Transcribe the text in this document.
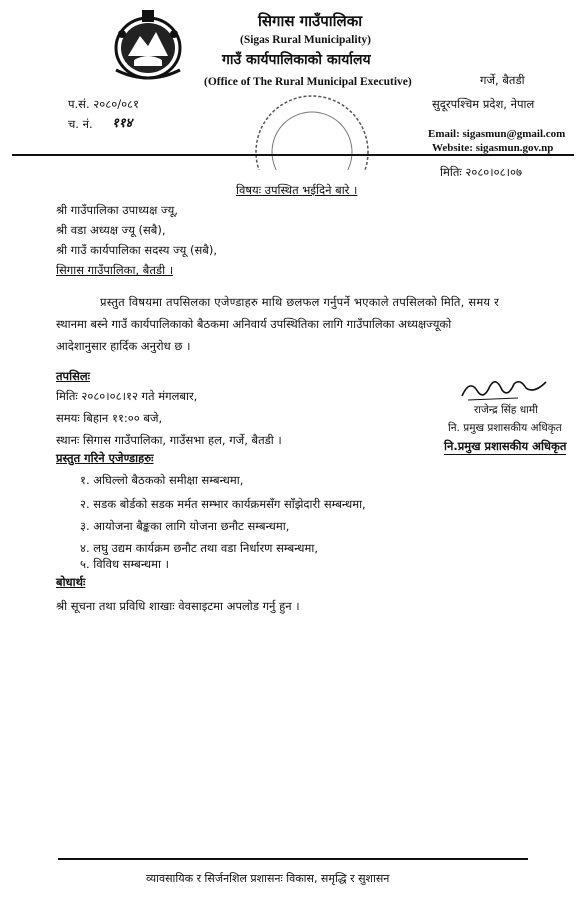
सिगास गाउँपालिका
(Sigas Rural Municipality)
गाउँ कार्यपालिकाको कार्यालय
(Office of The Rural Municipal Executive)	गर्जे, बैतडी
सुदूरपश्चिम प्रदेश, नेपाल
Email: sigasmun@gmail.com
Website: sigasmun.gov.np
प.सं. २०८०/०८१
च. नं. ११४
मितिः २०८०।०८।०७
विषयः उपस्थित भईदिने बारे ।
श्री गाउँपालिका उपाध्यक्ष ज्यू,
श्री वडा अध्यक्ष ज्यू (सबै),
श्री गाउँ कार्यपालिका सदस्य ज्यू (सबै),
सिगास गाउँपालिका, बैतडी ।
प्रस्तुत विषयमा तपसिलका एजेण्डाहरु माथि छलफल गर्नुपर्ने भएकाले तपसिलको मिति, समय र
स्थानमा बस्ने गाउँ कार्यपालिकाको बैठकमा अनिवार्य उपस्थितिका लागि गाउँपालिका अध्यक्षज्यूको
आदेशानुसार हार्दिक अनुरोध छ ।
तपसिलः
मितिः २०८०।०८।१२ गते मंगलबार,
समयः बिहान ११:०० बजे,
स्थानः सिगास गाउँपालिका, गाउँसभा हल, गर्जे, बैतडी ।
प्रस्तुत गरिने एजेण्डाहरुः
१. अघिल्लो बैठकको समीक्षा सम्बन्धमा,
२. सडक बोर्डको सडक मर्मत सम्भार कार्यक्रमसँग साँझेदारी सम्बन्धमा,
३. आयोजना बैङ्कका लागि योजना छनौट सम्बन्धमा,
४. लघु उद्यम कार्यक्रम छनौट तथा वडा निर्धारण सम्बन्धमा,
५. विविध सम्बन्धमा ।
बोधार्थः
श्री सूचना तथा प्रविधि शाखाः वेवसाइटमा अपलोड गर्नु हुन ।
राजेन्द्र सिंह धामी
नि. प्रमुख प्रशासकीय अधिकृत
नि.प्रमुख प्रशासकीय अधिकृत
व्यावसायिक र सिर्जनशिल प्रशासनः विकास, समृद्धि र सुशासन
